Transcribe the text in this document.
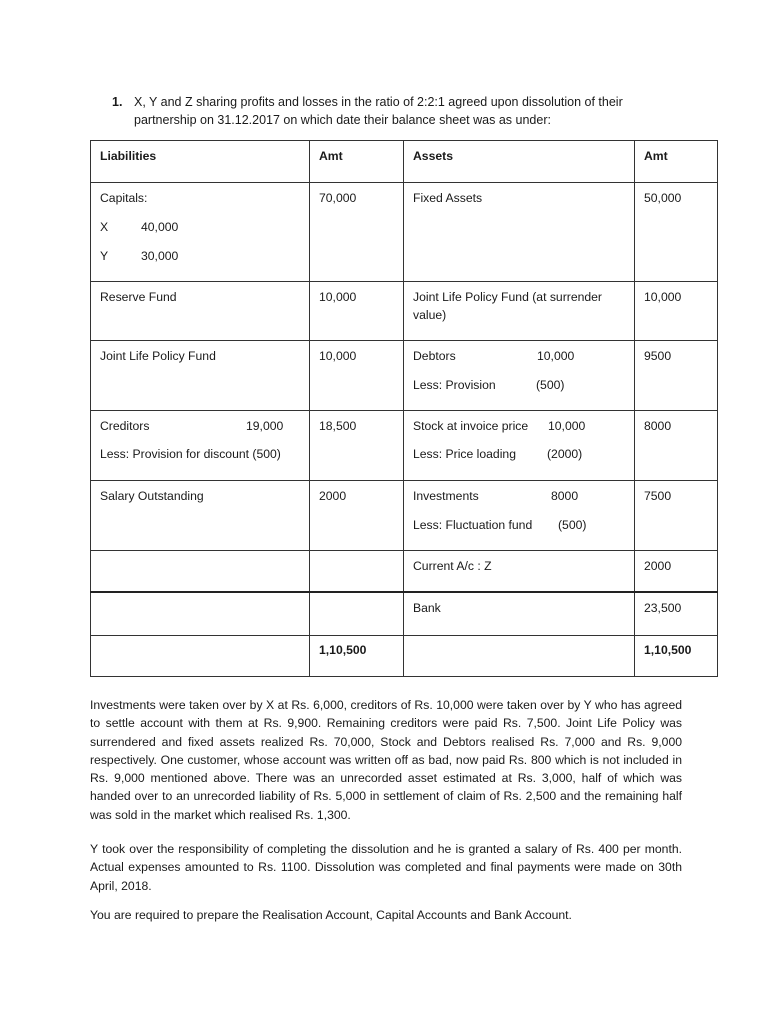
1. X, Y and Z sharing profits and losses in the ratio of 2:2:1 agreed upon dissolution of their
partnership on 31.12.2017 on which date their balance sheet was as under:
Liabilities	Amt	Assets	Amt

Capitals:
X 40,000
Y 30,000	70,000	Fixed Assets	50,000

Reserve Fund	10,000	Joint Life Policy Fund (at surrender
value)	10,000

Joint Life Policy Fund	10,000	Debtors 10,000
Less: Provision (500)	9500

Creditors 19,000
Less: Provision for discount (500)	18,500	Stock at invoice price 10,000
Less: Price loading (2000)	8000

Salary Outstanding	2000	Investments 8000
Less: Fluctuation fund (500)	7500

		Current A/c : Z	2000

		Bank	23,500

	1,10,500		1,10,500

Investments were taken over by X at Rs. 6,000, creditors of Rs. 10,000 were taken over by Y who has agreed to settle account with them at Rs. 9,900. Remaining creditors were paid Rs. 7,500. Joint Life Policy was surrendered and fixed assets realized Rs. 70,000, Stock and Debtors realised Rs. 7,000 and Rs. 9,000 respectively. One customer, whose account was written off as bad, now paid Rs. 800 which is not included in Rs. 9,000 mentioned above. There was an unrecorded asset estimated at Rs. 3,000, half of which was handed over to an unrecorded liability of Rs. 5,000 in settlement of claim of Rs. 2,500 and the remaining half was sold in the market which realised Rs. 1,300.

Y took over the responsibility of completing the dissolution and he is granted a salary of Rs. 400 per month. Actual expenses amounted to Rs. 1100. Dissolution was completed and final payments were made on 30th April, 2018.

You are required to prepare the Realisation Account, Capital Accounts and Bank Account.
